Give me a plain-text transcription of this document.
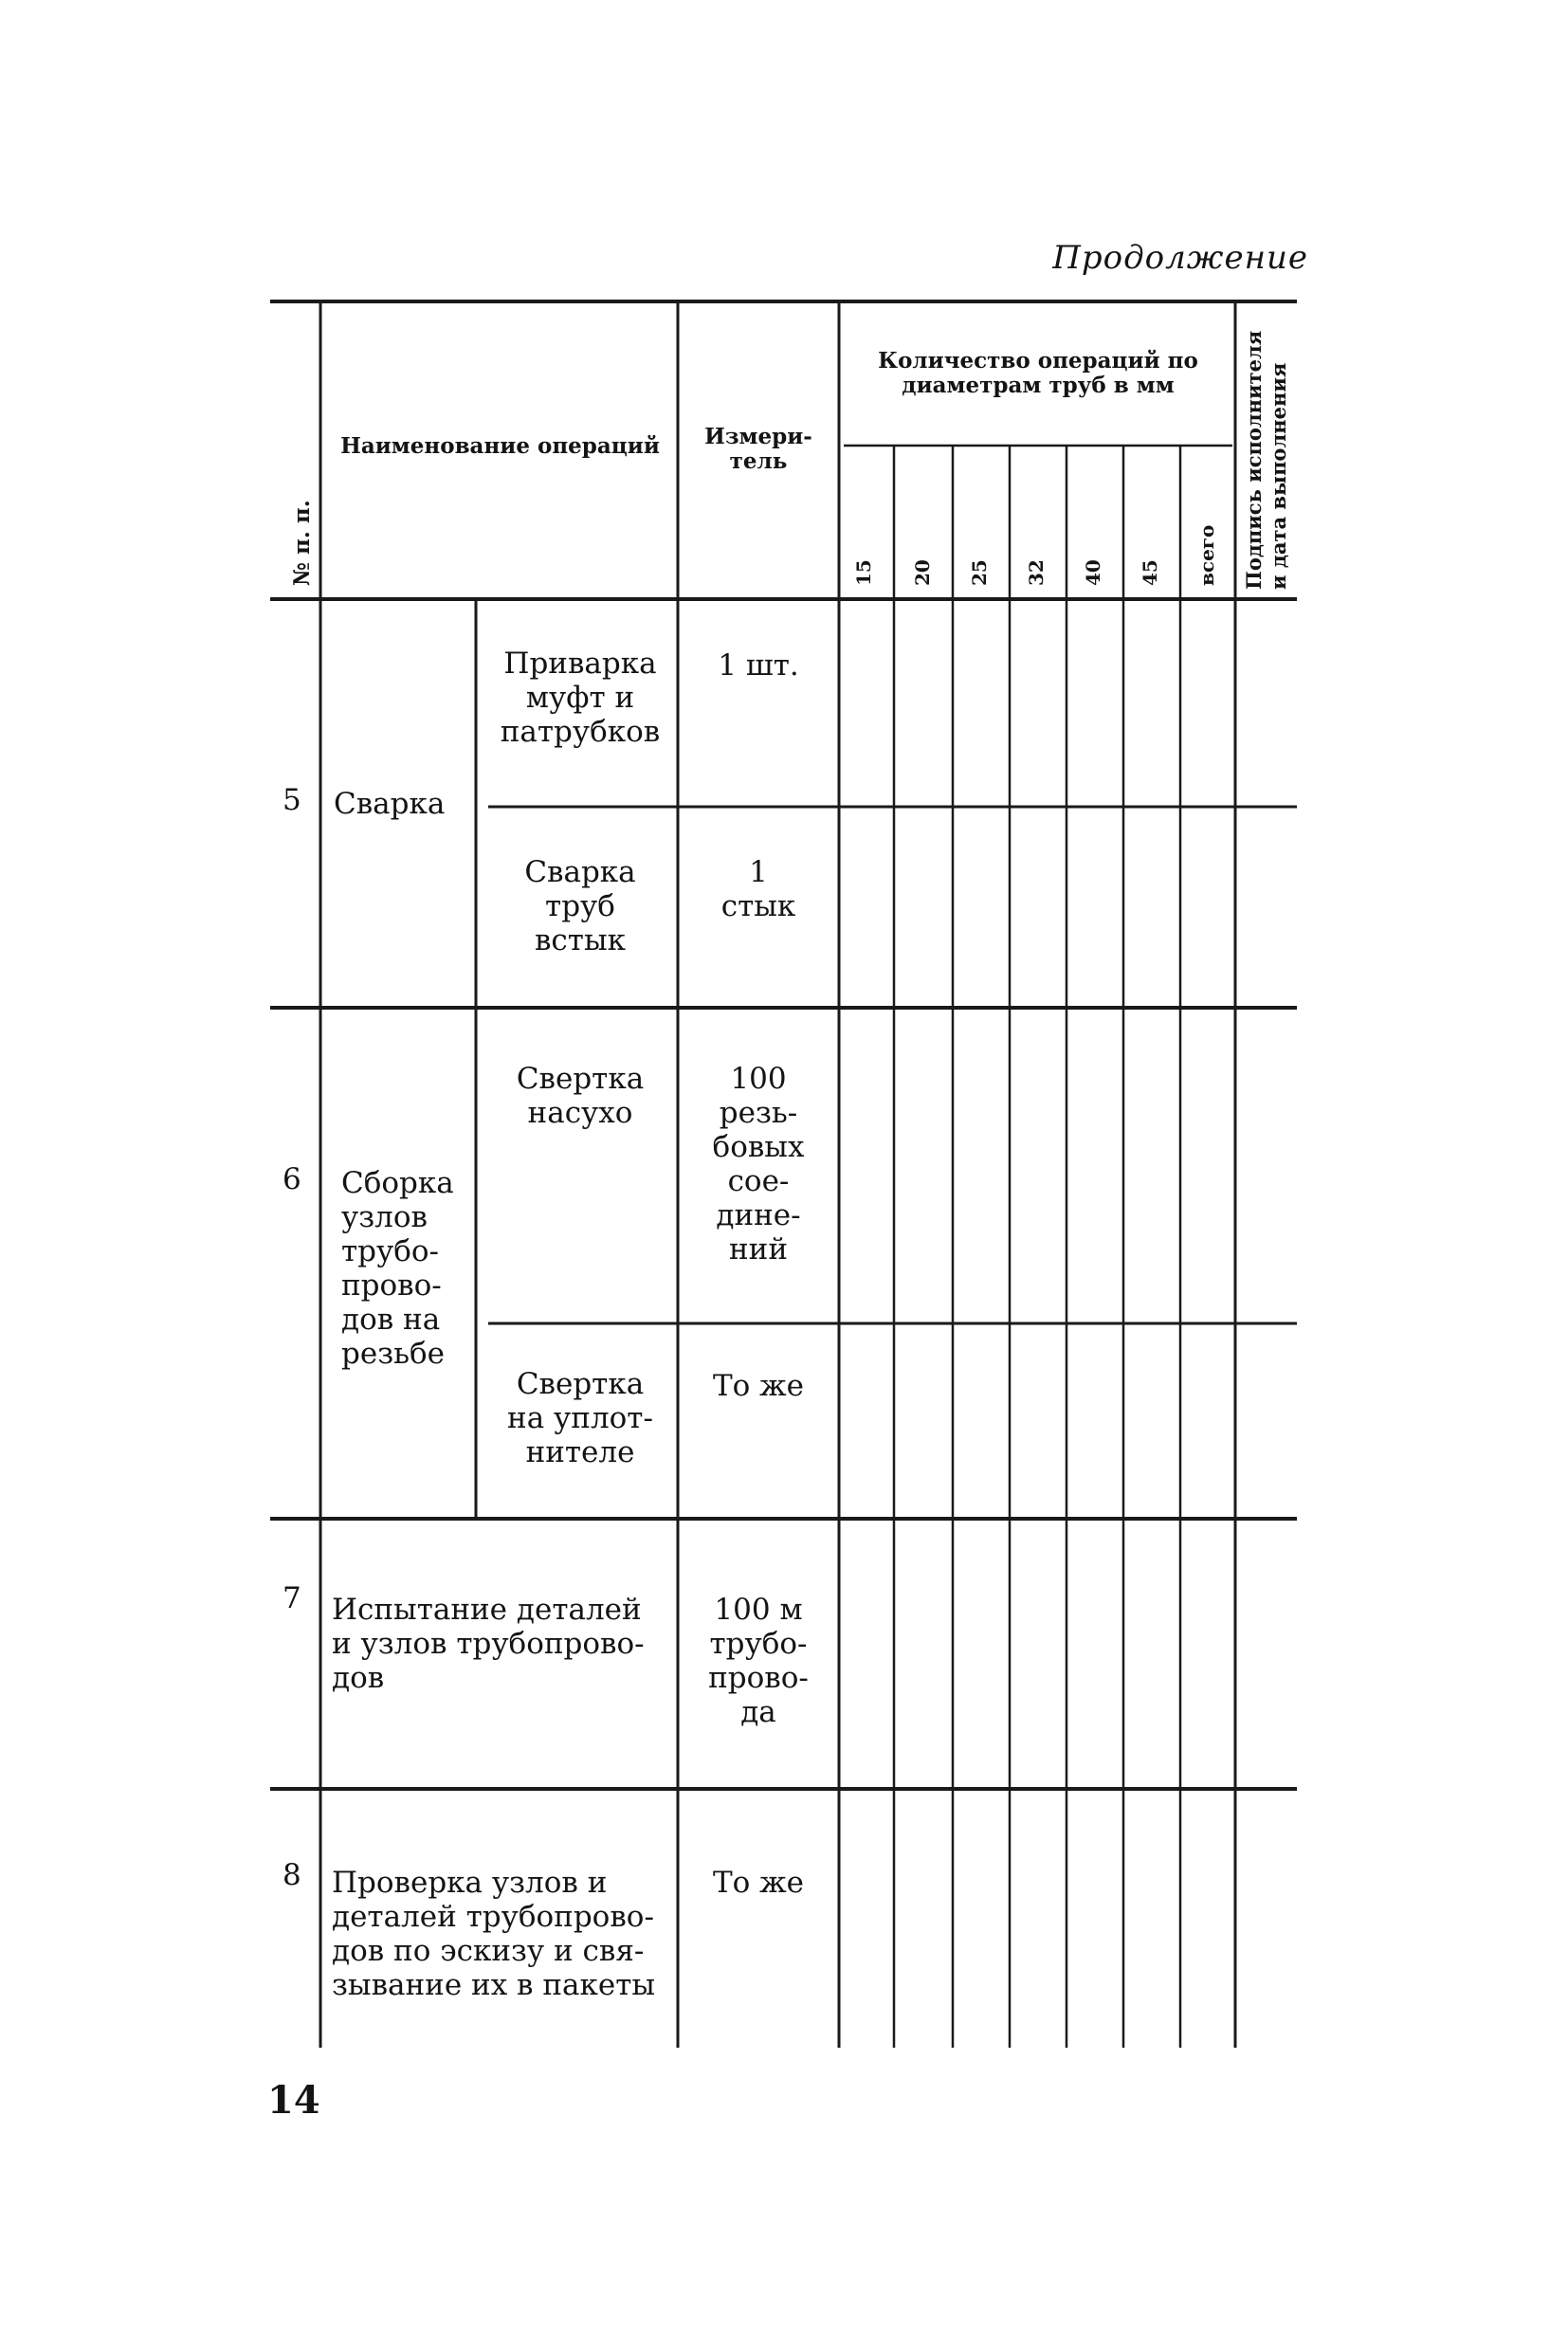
Продолжение
№ п. п.
Наименование операций	Измери-
тель
Количество операций по
диаметрам труб в мм
15 20 25 32 40 45 всего Подпись исполнителя и дата выполнения
5 Сварка
Приварка
муфт и
патрубков
1 шт.
Сварка
труб
встык
1
стык
6 Сборка
узлов
трубо-
прово-
дов на
резьбе
Свертка
насухо
100
резь-
бовых
сое-
дине-
ний
Свертка
на уплот-
нителе
То же
7 Испытание деталей
и узлов трубопрово-
дов
100 м
трубо-
прово-
да
8 Проверка узлов и
деталей трубопрово-
дов по эскизу и свя-
зывание их в пакеты
То же
14
